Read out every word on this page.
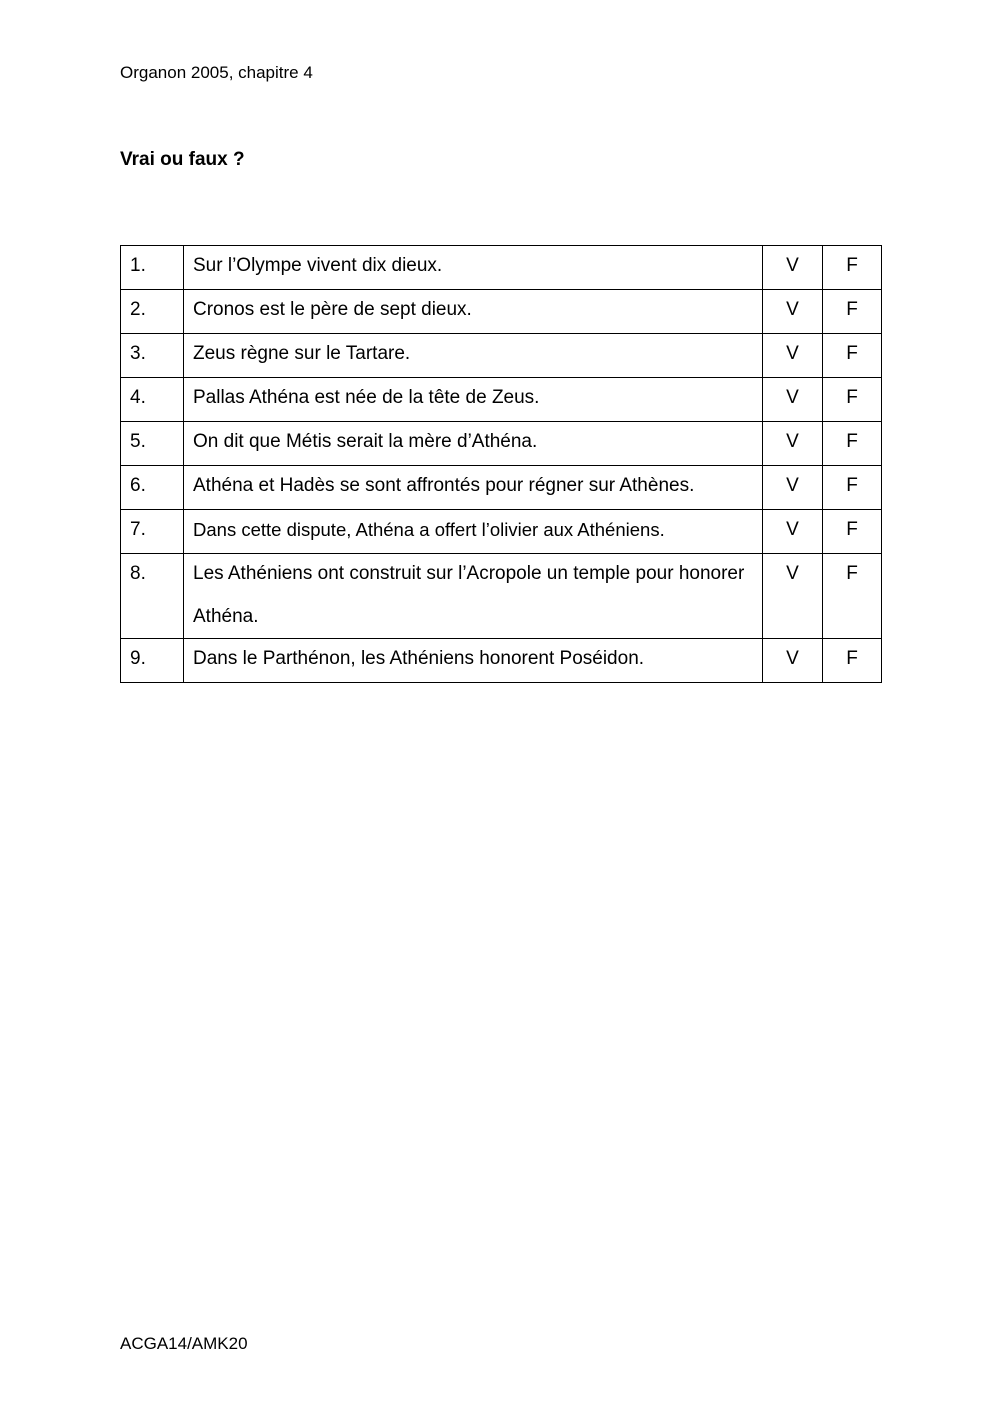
Organon 2005, chapitre 4
Vrai ou faux ?
1.	Sur l’Olympe vivent dix dieux.	V	F

2.	Cronos est le père de sept dieux.	V	F

3.	Zeus règne sur le Tartare.	V	F

4.	Pallas Athéna est née de la tête de Zeus.	V	F

5.	On dit que Métis serait la mère d’Athéna.	V	F

6.	Athéna et Hadès se sont affrontés pour régner sur Athènes.	V	F

7.	Dans cette dispute, Athéna a offert l’olivier aux Athéniens.	V	F

8.	Les Athéniens ont construit sur l’Acropole un temple pour honorer Athéna.	V	F

9.	Dans le Parthénon, les Athéniens honorent Poséidon.	V	F
ACGA14/AMK20
